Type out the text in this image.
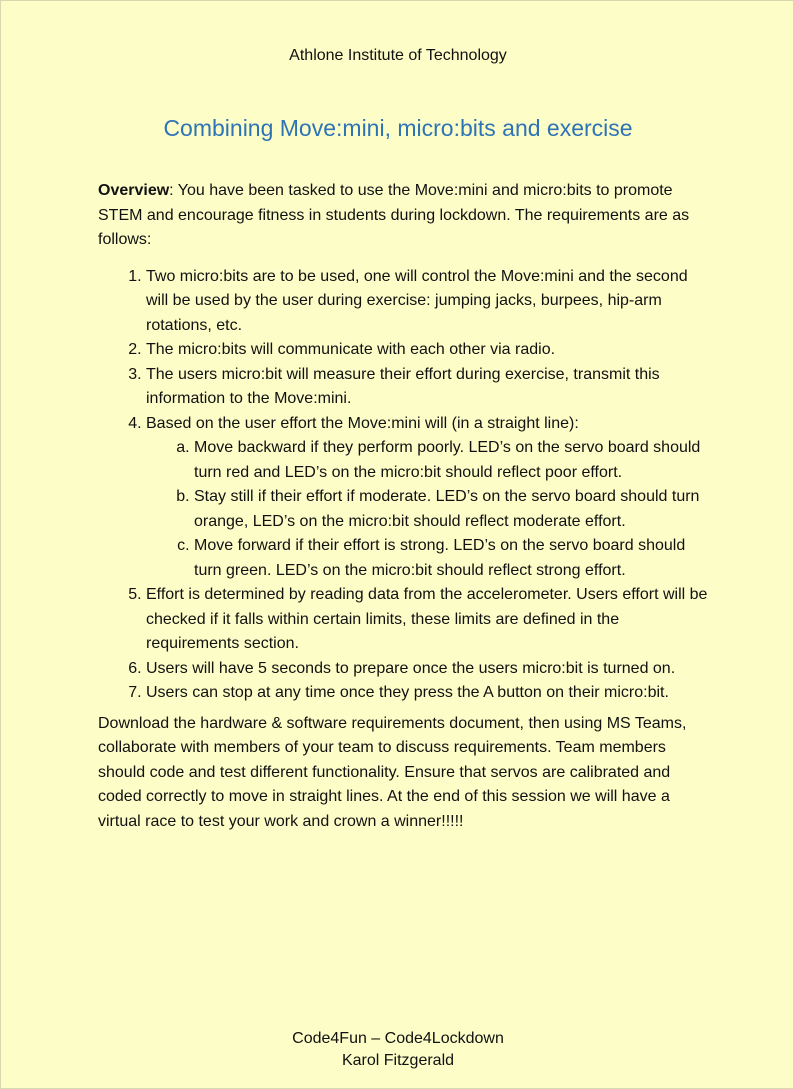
Athlone Institute of Technology
Combining Move:mini, micro:bits and exercise

Overview: You have been tasked to use the Move:mini and micro:bits to promote STEM and encourage fitness in students during lockdown. The requirements are as follows:

1. Two micro:bits are to be used, one will control the Move:mini and the second will be used by the user during exercise: jumping jacks, burpees, hip-arm rotations, etc.
2. The micro:bits will communicate with each other via radio.
3. The users micro:bit will measure their effort during exercise, transmit this information to the Move:mini.
4. Based on the user effort the Move:mini will (in a straight line):
a. Move backward if they perform poorly. LED’s on the servo board should turn red and LED’s on the micro:bit should reflect poor effort.
b. Stay still if their effort if moderate. LED’s on the servo board should turn orange, LED’s on the micro:bit should reflect moderate effort.
c. Move forward if their effort is strong. LED’s on the servo board should turn green. LED’s on the micro:bit should reflect strong effort.
5. Effort is determined by reading data from the accelerometer. Users effort will be checked if it falls within certain limits, these limits are defined in the requirements section.
6. Users will have 5 seconds to prepare once the users micro:bit is turned on.
7. Users can stop at any time once they press the A button on their micro:bit.

Download the hardware & software requirements document, then using MS Teams, collaborate with members of your team to discuss requirements. Team members should code and test different functionality. Ensure that servos are calibrated and coded correctly to move in straight lines. At the end of this session we will have a virtual race to test your work and crown a winner!!!!!

Code4Fun – Code4Lockdown
Karol Fitzgerald
